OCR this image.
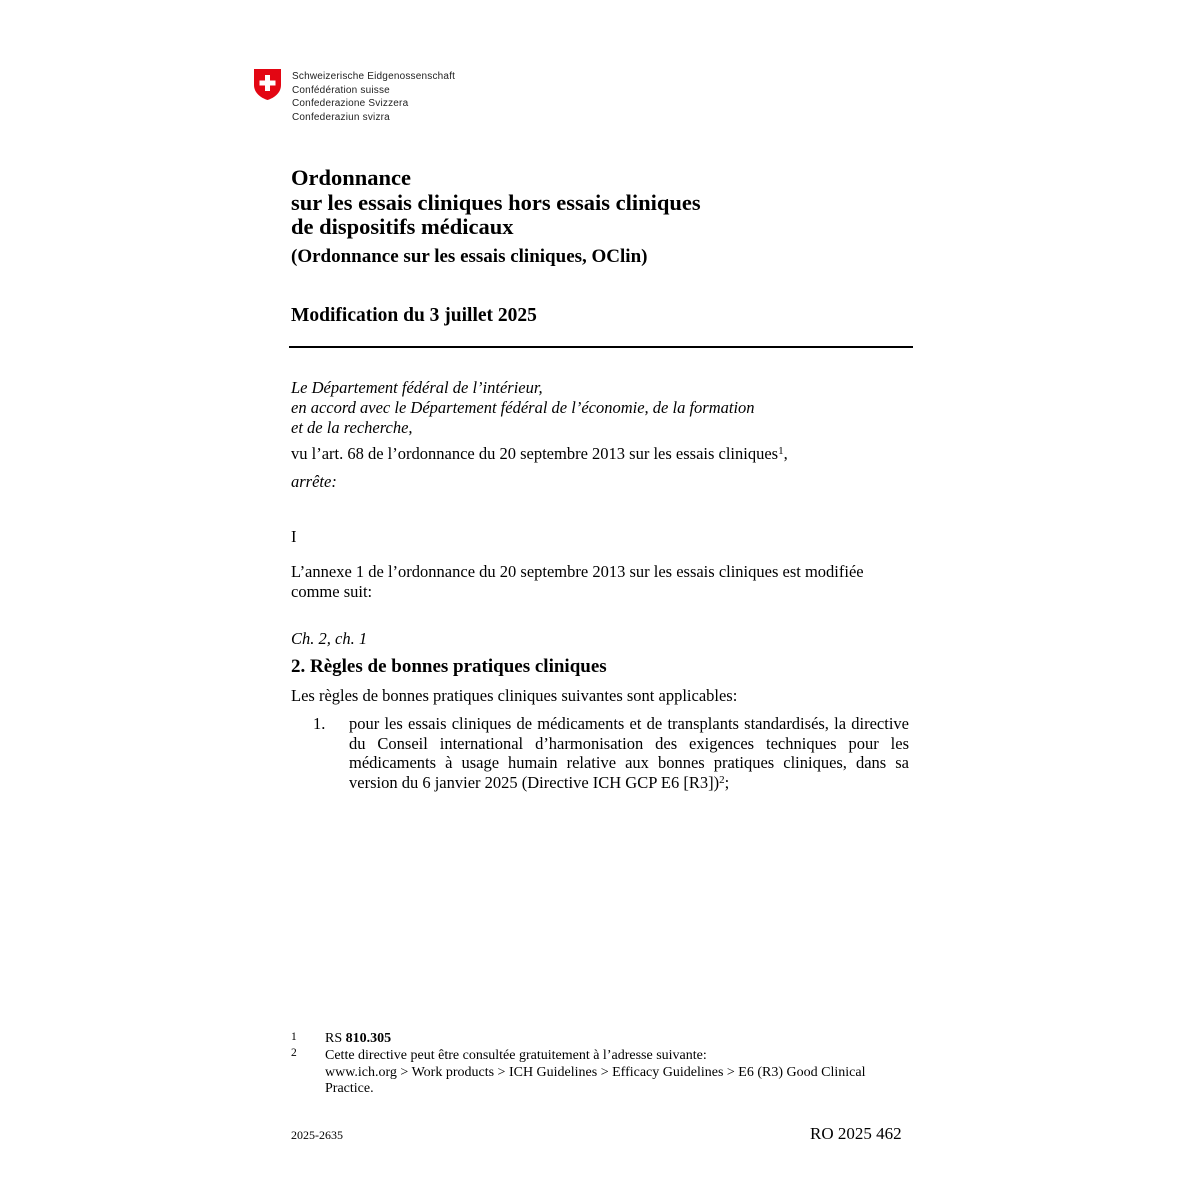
Schweizerische Eidgenossenschaft
Confédération suisse
Confederazione Svizzera
Confederaziun svizra
Ordonnance
sur les essais cliniques hors essais cliniques
de dispositifs médicaux
(Ordonnance sur les essais cliniques, OClin)
Modification du 3 juillet 2025
Le Département fédéral de l’intérieur,
en accord avec le Département fédéral de l’économie, de la formation
et de la recherche,
vu l’art. 68 de l’ordonnance du 20 septembre 2013 sur les essais cliniques$^1$,
arrête:
I
L’annexe 1 de l’ordonnance du 20 septembre 2013 sur les essais cliniques est modifiée comme suit:
Ch. 2, ch. 1
2. Règles de bonnes pratiques cliniques
Les règles de bonnes pratiques cliniques suivantes sont applicables:
1. pour les essais cliniques de médicaments et de transplants standardisés, la directive du Conseil international d’harmonisation des exigences techniques pour les médicaments à usage humain relative aux bonnes pratiques cliniques, dans sa version du 6 janvier 2025 (Directive ICH GCP E6 [R3])$^2$;
1 RS 810.305
2 Cette directive peut être consultée gratuitement à l’adresse suivante:
www.ich.org > Work products > ICH Guidelines > Efficacy Guidelines > E6 (R3) Good Clinical Practice.
2025-2635	RO 2025 462
